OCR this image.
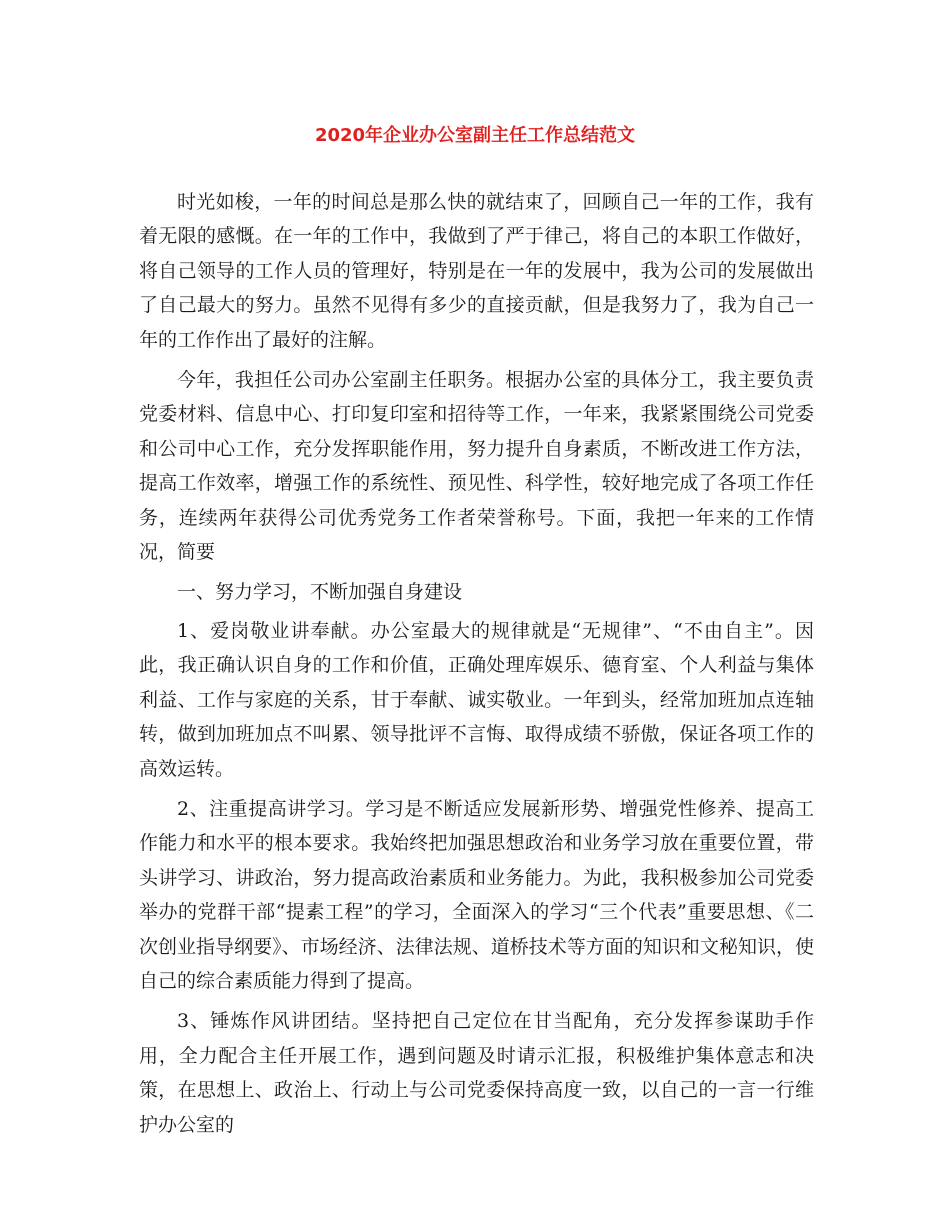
2020年企业办公室副主任工作总结范文

时光如梭，一年的时间总是那么快的就结束了，回顾自己一年的工作，我有着无限的感慨。在一年的工作中，我做到了严于律己，将自己的本职工作做好，将自己领导的工作人员的管理好，特别是在一年的发展中，我为公司的发展做出了自己最大的努力。虽然不见得有多少的直接贡献，但是我努力了，我为自己一年的工作作出了最好的注解。

今年，我担任公司办公室副主任职务。根据办公室的具体分工，我主要负责党委材料、信息中心、打印复印室和招待等工作，一年来，我紧紧围绕公司党委和公司中心工作，充分发挥职能作用，努力提升自身素质，不断改进工作方法，提高工作效率，增强工作的系统性、预见性、科学性，较好地完成了各项工作任务，连续两年获得公司优秀党务工作者荣誉称号。下面，我把一年来的工作情况，简要

一、努力学习，不断加强自身建设

1、爱岗敬业讲奉献。办公室最大的规律就是“无规律”、“不由自主”。因此，我正确认识自身的工作和价值，正确处理库娱乐、德育室、个人利益与集体利益、工作与家庭的关系，甘于奉献、诚实敬业。一年到头，经常加班加点连轴转，做到加班加点不叫累、领导批评不言悔、取得成绩不骄傲，保证各项工作的高效运转。

2、注重提高讲学习。学习是不断适应发展新形势、增强党性修养、提高工作能力和水平的根本要求。我始终把加强思想政治和业务学习放在重要位置，带头讲学习、讲政治，努力提高政治素质和业务能力。为此，我积极参加公司党委举办的党群干部“提素工程”的学习，全面深入的学习“三个代表”重要思想、《二次创业指导纲要》、市场经济、法律法规、道桥技术等方面的知识和文秘知识，使自己的综合素质能力得到了提高。

3、锤炼作风讲团结。坚持把自己定位在甘当配角，充分发挥参谋助手作用，全力配合主任开展工作，遇到问题及时请示汇报，积极维护集体意志和决策，在思想上、政治上、行动上与公司党委保持高度一致，以自己的一言一行维护办公室的
